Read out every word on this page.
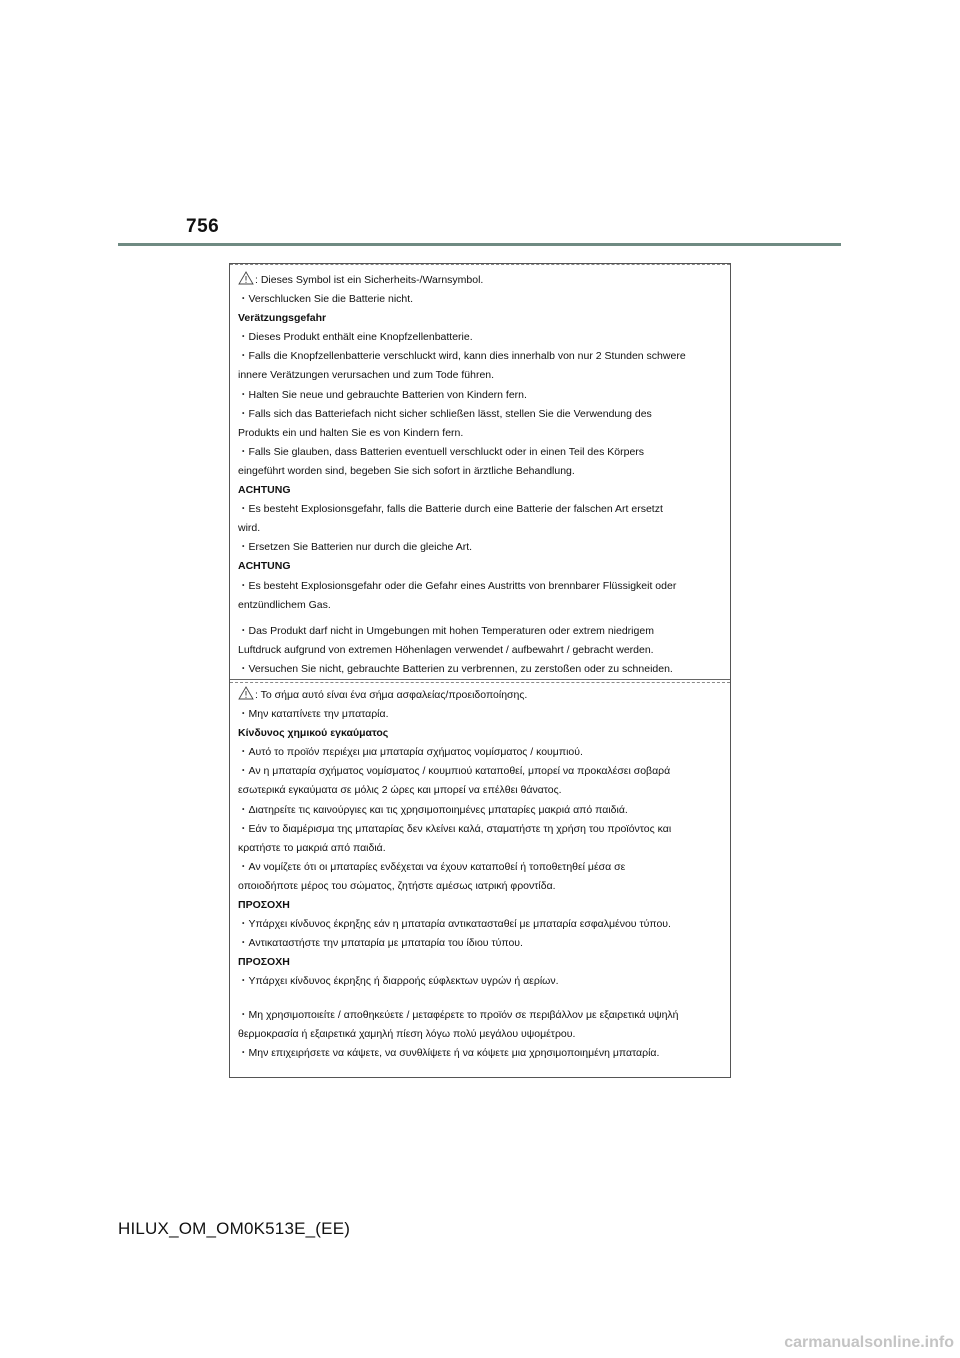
756
: Dieses Symbol ist ein Sicherheits-/Warnsymbol.
・Verschlucken Sie die Batterie nicht.
Verätzungsgefahr
・Dieses Produkt enthält eine Knopfzellenbatterie.
・Falls die Knopfzellenbatterie verschluckt wird, kann dies innerhalb von nur 2 Stunden schwere
innere Verätzungen verursachen und zum Tode führen.
・Halten Sie neue und gebrauchte Batterien von Kindern fern.
・Falls sich das Batteriefach nicht sicher schließen lässt, stellen Sie die Verwendung des
Produkts ein und halten Sie es von Kindern fern.
・Falls Sie glauben, dass Batterien eventuell verschluckt oder in einen Teil des Körpers
eingeführt worden sind, begeben Sie sich sofort in ärztliche Behandlung.
ACHTUNG
・Es besteht Explosionsgefahr, falls die Batterie durch eine Batterie der falschen Art ersetzt
wird.
・Ersetzen Sie Batterien nur durch die gleiche Art.
ACHTUNG
・Es besteht Explosionsgefahr oder die Gefahr eines Austritts von brennbarer Flüssigkeit oder
entzündlichem Gas.
・Das Produkt darf nicht in Umgebungen mit hohen Temperaturen oder extrem niedrigem
Luftdruck aufgrund von extremen Höhenlagen verwendet / aufbewahrt / gebracht werden.
・Versuchen Sie nicht, gebrauchte Batterien zu verbrennen, zu zerstoßen oder zu schneiden.
: Το σήμα αυτό είναι ένα σήμα ασφαλείας/προειδοποίησης.
・Μην καταπίνετε την μπαταρία.
Κίνδυνος χημικού εγκαύματος
・Αυτό το προϊόν περιέχει μια μπαταρία σχήματος νομίσματος / κουμπιού.
・Αν η μπαταρία σχήματος νομίσματος / κουμπιού καταποθεί, μπορεί να προκαλέσει σοβαρά
εσωτερικά εγκαύματα σε μόλις 2 ώρες και μπορεί να επέλθει θάνατος.
・Διατηρείτε τις καινούργιες και τις χρησιμοποιημένες μπαταρίες μακριά από παιδιά.
・Εάν το διαμέρισμα της μπαταρίας δεν κλείνει καλά, σταματήστε τη χρήση του προϊόντος και
κρατήστε το μακριά από παιδιά.
・Αν νομίζετε ότι οι μπαταρίες ενδέχεται να έχουν καταποθεί ή τοποθετηθεί μέσα σε
οποιοδήποτε μέρος του σώματος, ζητήστε αμέσως ιατρική φροντίδα.
ΠΡΟΣΟΧΗ
・Υπάρχει κίνδυνος έκρηξης εάν η μπαταρία αντικατασταθεί με μπαταρία εσφαλμένου τύπου.
・Αντικαταστήστε την μπαταρία με μπαταρία του ίδιου τύπου.
ΠΡΟΣΟΧΗ
・Υπάρχει κίνδυνος έκρηξης ή διαρροής εύφλεκτων υγρών ή αερίων.
・Μη χρησιμοποιείτε / αποθηκεύετε / μεταφέρετε το προϊόν σε περιβάλλον με εξαιρετικά υψηλή
θερμοκρασία ή εξαιρετικά χαμηλή πίεση λόγω πολύ μεγάλου υψομέτρου.
・Μην επιχειρήσετε να κάψετε, να συνθλίψετε ή να κόψετε μια χρησιμοποιημένη μπαταρία.
HILUX_OM_OM0K513E_(EE)
carmanualsonline.info
